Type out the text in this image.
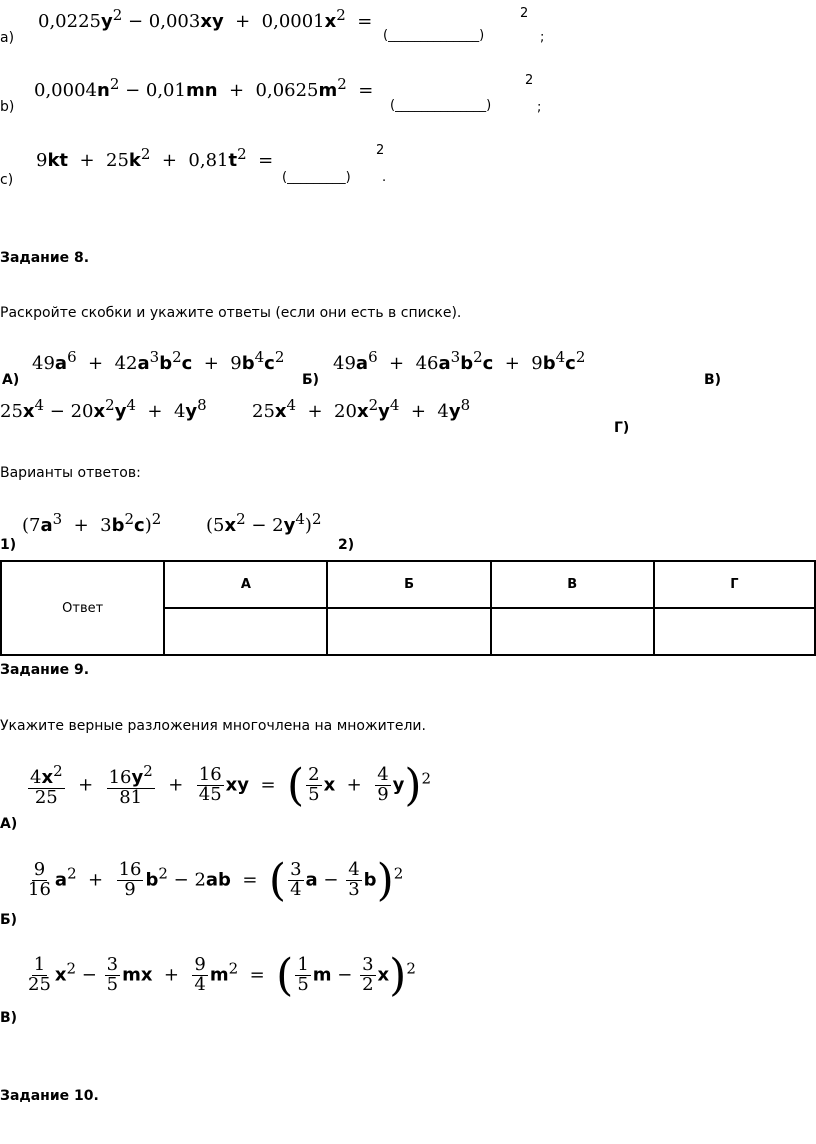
$0,0225y^2 - 0,003xy + 0,0001x^2$  =
a)	(______________)
2
;
$0,0004n^2 - 0,01mn + 0,0625m^2$  =
b)	(______________)
2
;
$9kt + 25k^2 + 0,81t^2$  =
c)	(_________)
2
.
Задание 8.
Раскройте скобки и укажите ответы (если они есть в списке).
$49a^6 + 42a^3b^2c + 9b^4c^2$
А)
$49a^6 + 46a^3b^2c + 9b^4c^2$
Б)	В)
$25x^4 - 20x^2y^4 + 4y^8$	$25x^4 + 20x^2y^4 + 4y^8$
Г)
Варианты ответов:
$(7a^3 + 3b^2c)^2$
1)
$(5x^2 - 2y^4)^2$
2)
Ответ	А	Б	В	Г

Задание 9.
Укажите верные разложения многочлена на множители.
$\frac{4x^2}{25} + \frac{16y^2}{81} + \frac{16}{45}$ xy  =  ( $\frac{2}{5}$ $x + \frac{4}{9} y)^2$
А)
$\frac{9}{16} a^2 + \frac{16}{9} b^2 - 2ab$  =  ( $\frac{3}{4}$ $a - \frac{4}{3} b)^2$
Б)
$\frac{1}{25} x^2 - \frac{3}{5}$ mx  + $\frac{9}{4} m^2$  =  ( $\frac{1}{5}$ $m - \frac{3}{2} x)^2$
В)
Задание 10.
